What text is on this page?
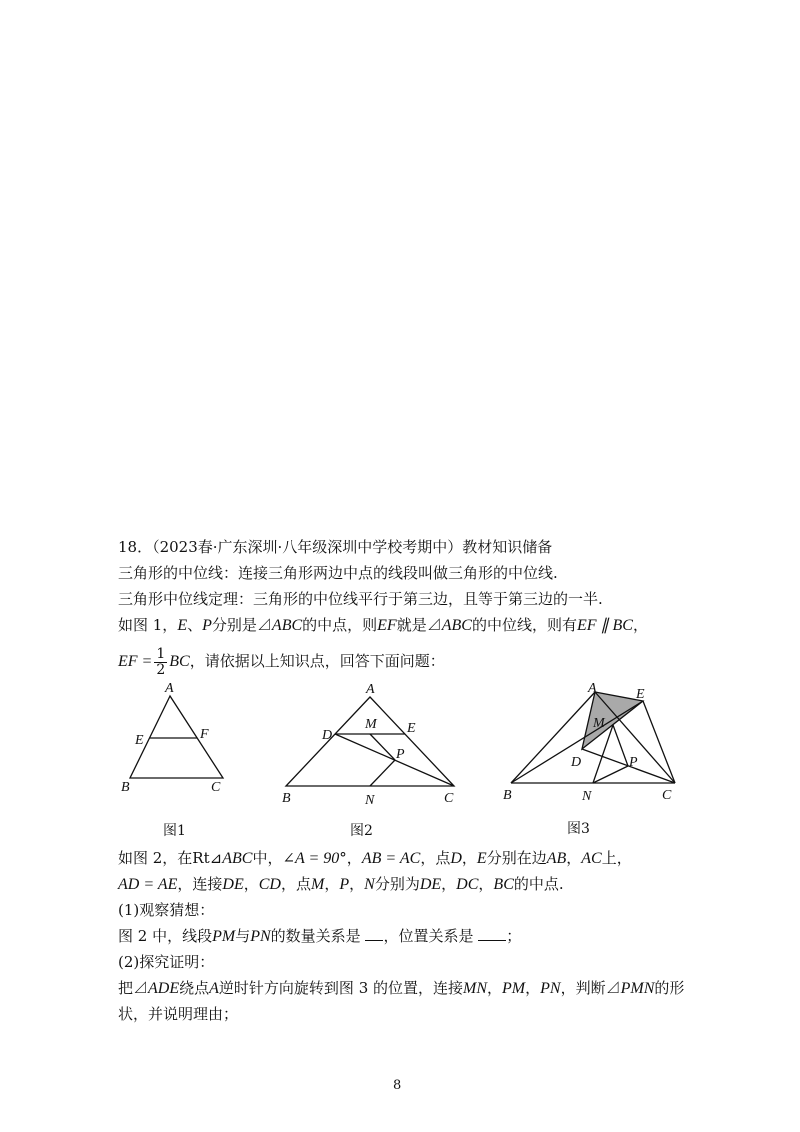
18．（2023春·广东深圳·八年级深圳中学校考期中）教材知识储备
三角形的中位线：连接三角形两边中点的线段叫做三角形的中位线.
三角形中位线定理：三角形的中位线平行于第三边，且等于第三边的一半.
如图 1，E、P分别是⊿ABC的中点，则EF就是⊿ABC的中位线，则有EF ∥ BC，
EF = $\frac{1}{2}$ BC，请依据以上知识点，回答下面问题：
A
E	F
B	C
图1
A
D
M E
P
B	N	C
图2
A	E
M
D	P
B	N	C
图3
如图 2，在Rt⊿ABC中，∠A = 90°，AB = AC，点D，E分别在边AB，AC上，
AD = AE，连接DE，CD，点M，P，N分别为DE，DC，BC的中点.
(1)观察猜想：
图 2 中，线段PM与PN的数量关系是 ，位置关系是 ；
(2)探究证明：
把⊿ADE绕点A逆时针方向旋转到图 3 的位置，连接MN，PM，PN，判断⊿PMN的形
状，并说明理由；
8
